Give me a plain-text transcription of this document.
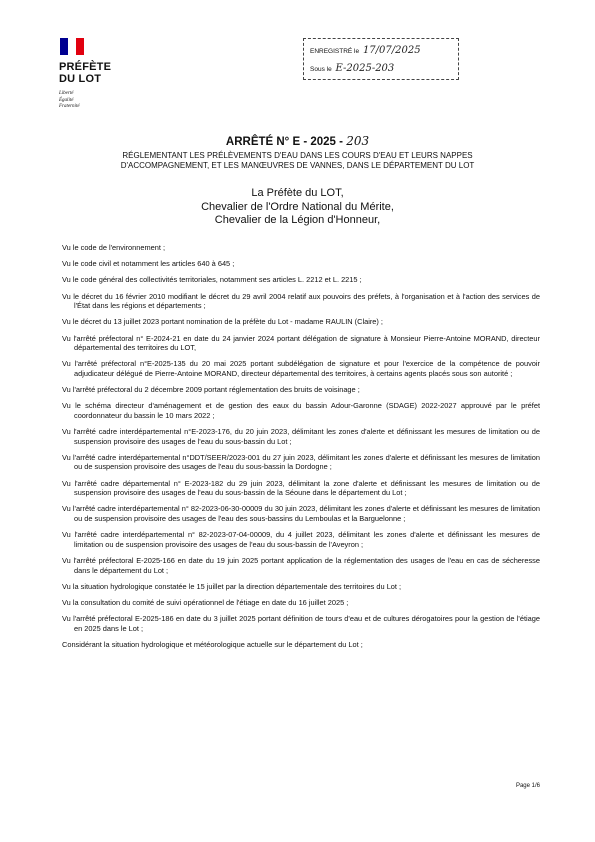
PRÉFÈTE
DU LOT
Liberté
Égalité
Fraternité
ENREGISTRÉ le 17/07/2025
Sous le E-2025-203
ARRÊTÉ N° E - 2025 - 203
RÉGLEMENTANT LES PRÉLÈVEMENTS D'EAU DANS LES COURS D'EAU ET LEURS NAPPES D'ACCOMPAGNEMENT, ET LES MANŒUVRES DE VANNES, DANS LE DÉPARTEMENT DU LOT
La Préfète du LOT,
Chevalier de l'Ordre National du Mérite,
Chevalier de la Légion d'Honneur,
Vu le code de l'environnement ;
Vu le code civil et notamment les articles 640 à 645 ;
Vu le code général des collectivités territoriales, notamment ses articles L. 2212 et L. 2215 ;
Vu le décret du 16 février 2010 modifiant le décret du 29 avril 2004 relatif aux pouvoirs des préfets, à l'organisation et à l'action des services de l'État dans les régions et départements ;
Vu le décret du 13 juillet 2023 portant nomination de la préfète du Lot - madame RAULIN (Claire) ;
Vu l'arrêté préfectoral n° E-2024-21 en date du 24 janvier 2024 portant délégation de signature à Monsieur Pierre-Antoine MORAND, directeur départemental des territoires du LOT,
Vu l'arrêté préfectoral n°E-2025-135 du 20 mai 2025 portant subdélégation de signature et pour l'exercice de la compétence de pouvoir adjudicateur délégué de Pierre-Antoine MORAND, directeur départemental des territoires, à certains agents placés sous son autorité ;
Vu l'arrêté préfectoral du 2 décembre 2009 portant réglementation des bruits de voisinage ;
Vu le schéma directeur d'aménagement et de gestion des eaux du bassin Adour-Garonne (SDAGE) 2022-2027 approuvé par le préfet coordonnateur du bassin le 10 mars 2022 ;
Vu l'arrêté cadre interdépartemental n°E-2023-176, du 20 juin 2023, délimitant les zones d'alerte et définissant les mesures de limitation ou de suspension provisoire des usages de l'eau du sous-bassin du Lot ;
Vu l'arrêté cadre interdépartemental n°DDT/SEER/2023-001 du 27 juin 2023, délimitant les zones d'alerte et définissant les mesures de limitation ou de suspension provisoire des usages de l'eau du sous-bassin la Dordogne ;
Vu l'arrêté cadre départemental n° E-2023-182 du 29 juin 2023, délimitant la zone d'alerte et définissant les mesures de limitation ou de suspension provisoire des usages de l'eau du sous-bassin de la Séoune dans le département du Lot ;
Vu l'arrêté cadre interdépartemental n° 82-2023-06-30-00009 du 30 juin 2023, délimitant les zones d'alerte et définissant les mesures de limitation ou de suspension provisoire des usages de l'eau des sous-bassins du Lemboulas et la Barguelonne ;
Vu l'arrêté cadre interdépartemental n° 82-2023-07-04-00009, du 4 juillet 2023, délimitant les zones d'alerte et définissant les mesures de limitation ou de suspension provisoire des usages de l'eau du sous-bassin de l'Aveyron ;
Vu l'arrêté préfectoral E-2025-166 en date du 19 juin 2025 portant application de la réglementation des usages de l'eau en cas de sécheresse dans le département du Lot ;
Vu la situation hydrologique constatée le 15 juillet par la direction départementale des territoires du Lot ;
Vu la consultation du comité de suivi opérationnel de l'étiage en date du 16 juillet 2025 ;
Vu l'arrêté préfectoral E-2025-186 en date du 3 juillet 2025 portant définition de tours d'eau et de cultures dérogatoires pour la gestion de l'étiage en 2025 dans le Lot ;
Considérant la situation hydrologique et météorologique actuelle sur le département du Lot ;
Page 1/6
